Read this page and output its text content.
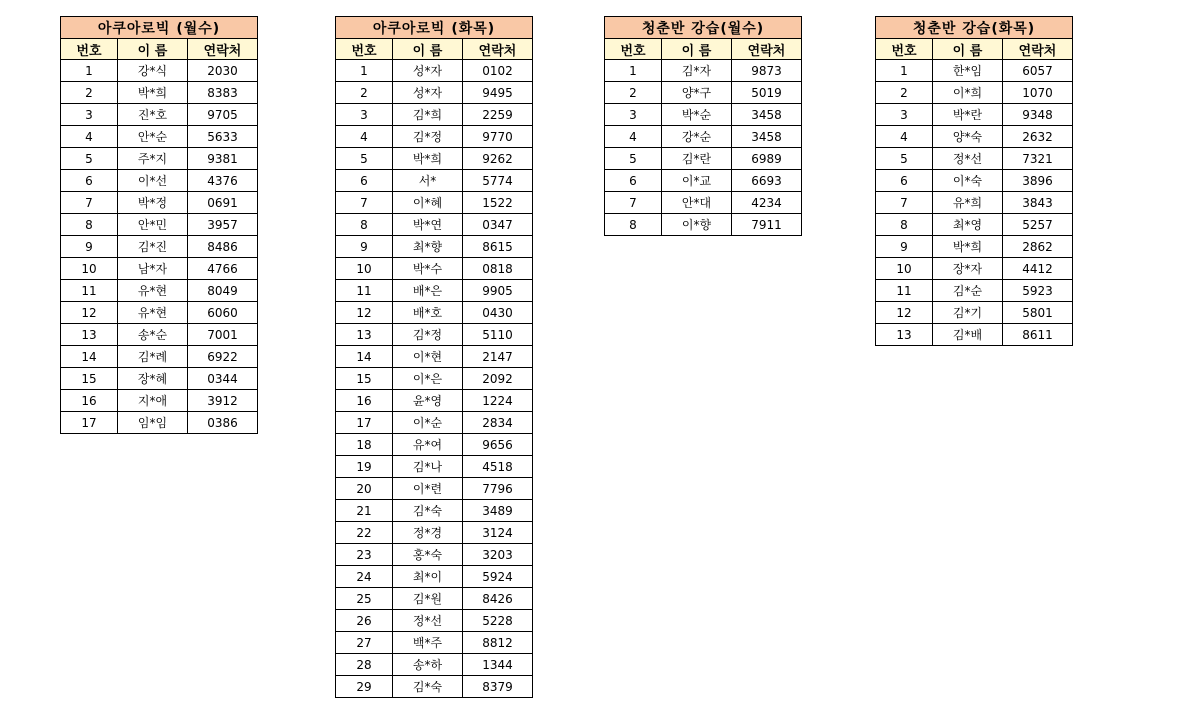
아쿠아로빅 (월수)		
번호	이 름	연락처
1	강*식	2030
2	박*희	8383
3	진*호	9705
4	안*순	5633
5	주*지	9381
6	이*선	4376
7	박*정	0691
8	안*민	3957
9	김*진	8486
10	남*자	4766
11	유*현	8049
12	유*현	6060
13	송*순	7001
14	김*례	6922
15	장*혜	0344
16	지*애	3912
17	임*임	0386
아쿠아로빅 (화목)		
번호	이 름	연락처
1	성*자	0102
2	성*자	9495
3	김*희	2259
4	김*정	9770
5	박*희	9262
6	서*	5774
7	이*혜	1522
8	박*연	0347
9	최*향	8615
10	박*수	0818
11	배*은	9905
12	배*호	0430
13	김*정	5110
14	이*현	2147
15	이*은	2092
16	윤*영	1224
17	이*순	2834
18	유*여	9656
19	김*나	4518
20	이*련	7796
21	김*숙	3489
22	정*경	3124
23	홍*숙	3203
24	최*이	5924
25	김*원	8426
26	정*선	5228
27	백*주	8812
28	송*하	1344
29	김*숙	8379
청춘반 강습(월수)		
번호	이 름	연락처
1	김*자	9873
2	양*구	5019
3	박*순	3458
4	강*순	3458
5	김*란	6989
6	이*교	6693
7	안*대	4234
8	이*향	7911
청춘반 강습(화목)		
번호	이 름	연락처
1	한*임	6057
2	이*희	1070
3	박*란	9348
4	양*숙	2632
5	정*선	7321
6	이*숙	3896
7	유*희	3843
8	최*영	5257
9	박*희	2862
10	장*자	4412
11	김*순	5923
12	김*기	5801
13	김*배	8611
